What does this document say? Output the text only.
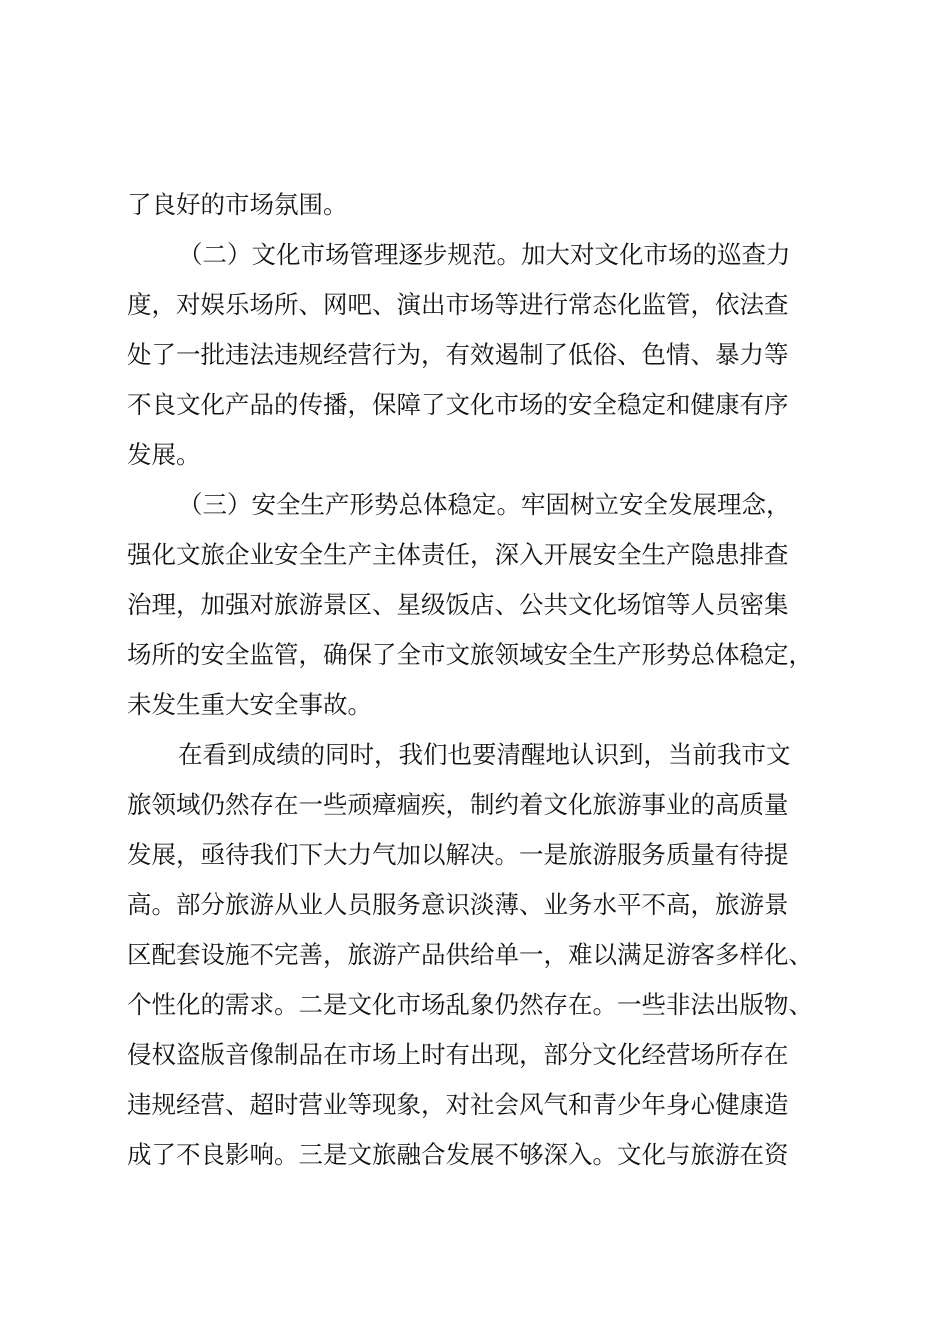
了良好的市场氛围。
（二）文化市场管理逐步规范。加大对文化市场的巡查力
度，对娱乐场所、网吧、演出市场等进行常态化监管，依法查
处了一批违法违规经营行为，有效遏制了低俗、色情、暴力等
不良文化产品的传播，保障了文化市场的安全稳定和健康有序
发展。
（三）安全生产形势总体稳定。牢固树立安全发展理念，
强化文旅企业安全生产主体责任，深入开展安全生产隐患排查
治理，加强对旅游景区、星级饭店、公共文化场馆等人员密集
场所的安全监管，确保了全市文旅领域安全生产形势总体稳定，
未发生重大安全事故。
在看到成绩的同时，我们也要清醒地认识到，当前我市文
旅领域仍然存在一些顽瘴痼疾，制约着文化旅游事业的高质量
发展，亟待我们下大力气加以解决。一是旅游服务质量有待提
高。部分旅游从业人员服务意识淡薄、业务水平不高，旅游景
区配套设施不完善，旅游产品供给单一，难以满足游客多样化、
个性化的需求。二是文化市场乱象仍然存在。一些非法出版物、
侵权盗版音像制品在市场上时有出现，部分文化经营场所存在
违规经营、超时营业等现象，对社会风气和青少年身心健康造
成了不良影响。三是文旅融合发展不够深入。文化与旅游在资
